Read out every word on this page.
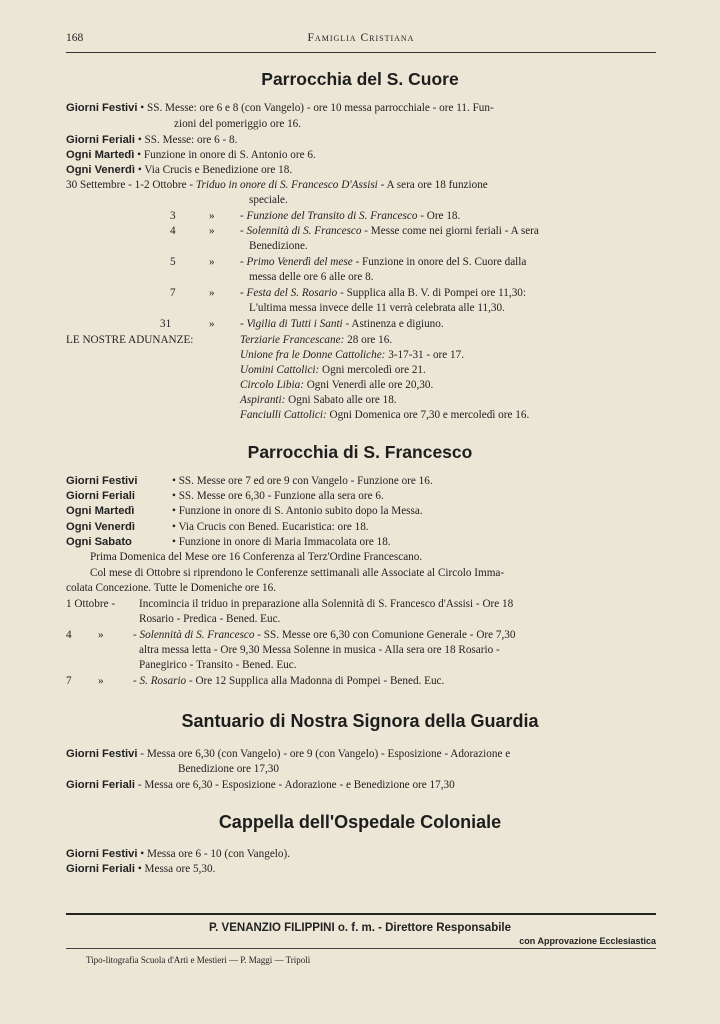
168	Famiglia Cristiana
Parrocchia del S. Cuore
Giorni Festivi • SS. Messe: ore 6 e 8 (con Vangelo) - ore 10 messa parrocchiale - ore 11. Fun-
zioni del pomeriggio ore 16.
Giorni Feriali • SS. Messe: ore 6 - 8.
Ogni Martedì • Funzione in onore di S. Antonio ore 6.
Ogni Venerdì • Via Crucis e Benedizione ore 18.
30 Settembre - 1-2 Ottobre - Triduo in onore di S. Francesco D'Assisi - A sera ore 18 funzione
speciale.
3	» - Funzione del Transito di S. Francesco - Ore 18.
4	» - Solennità di S. Francesco - Messe come nei giorni feriali - A sera
Benedizione.
5	» - Primo Venerdì del mese - Funzione in onore del S. Cuore dalla
messa delle ore 6 alle ore 8.
7	» - Festa del S. Rosario - Supplica alla B. V. di Pompei ore 11,30:
L'ultima messa invece delle 11 verrà celebrata alle 11,30.
31	» - Vigilia di Tutti i Santi - Astinenza e digiuno.
LE NOSTRE ADUNANZE:	Terziarie Francescane: 28 ore 16.
Unione fra le Donne Cattoliche: 3-17-31 - ore 17.
Uomini Cattolici: Ogni mercoledì ore 21.
Circolo Libia: Ogni Venerdì alle ore 20,30.
Aspiranti: Ogni Sabato alle ore 18.
Fanciulli Cattolici: Ogni Domenica ore 7,30 e mercoledì ore 16.
Parrocchia di S. Francesco
Giorni Festivi	• SS. Messe ore 7 ed ore 9 con Vangelo - Funzione ore 16.
Giorni Feriali	• SS. Messe ore 6,30 - Funzione alla sera ore 6.
Ogni Martedì	• Funzione in onore di S. Antonio subito dopo la Messa.
Ogni Venerdì	• Via Crucis con Bened. Eucaristica: ore 18.
Ogni Sabato	• Funzione in onore di Maria Immacolata ore 18.
Prima Domenica del Mese ore 16 Conferenza al Terz'Ordine Francescano.
Col mese di Ottobre si riprendono le Conferenze settimanali alle Associate al Circolo Imma-
colata Concezione. Tutte le Domeniche ore 16.
1 Ottobre - Incomincia il triduo in preparazione alla Solennità di S. Francesco d'Assisi - Ore 18
Rosario - Predica - Bened. Euc.
4 »	- Solennità di S. Francesco - SS. Messe ore 6,30 con Comunione Generale - Ore 7,30
altra messa letta - Ore 9,30 Messa Solenne in musica - Alla sera ore 18 Rosario -
Panegirico - Transito - Bened. Euc.
7 »	- S. Rosario - Ore 12 Supplica alla Madonna di Pompei - Bened. Euc.
Santuario di Nostra Signora della Guardia
Giorni Festivi - Messa ore 6,30 (con Vangelo) - ore 9 (con Vangelo) - Esposizione - Adorazione e
Benedizione ore 17,30
Giorni Feriali - Messa ore 6,30 - Esposizione - Adorazione - e Benedizione ore 17,30
Cappella dell'Ospedale Coloniale
Giorni Festivi • Messa ore 6 - 10 (con Vangelo).
Giorni Feriali • Messa ore 5,30.
P. VENANZIO FILIPPINI o. f. m. - Direttore Responsabile
con Approvazione Ecclesiastica
Tipo-litografia Scuola d'Arti e Mestieri — P. Maggi — Tripoli
